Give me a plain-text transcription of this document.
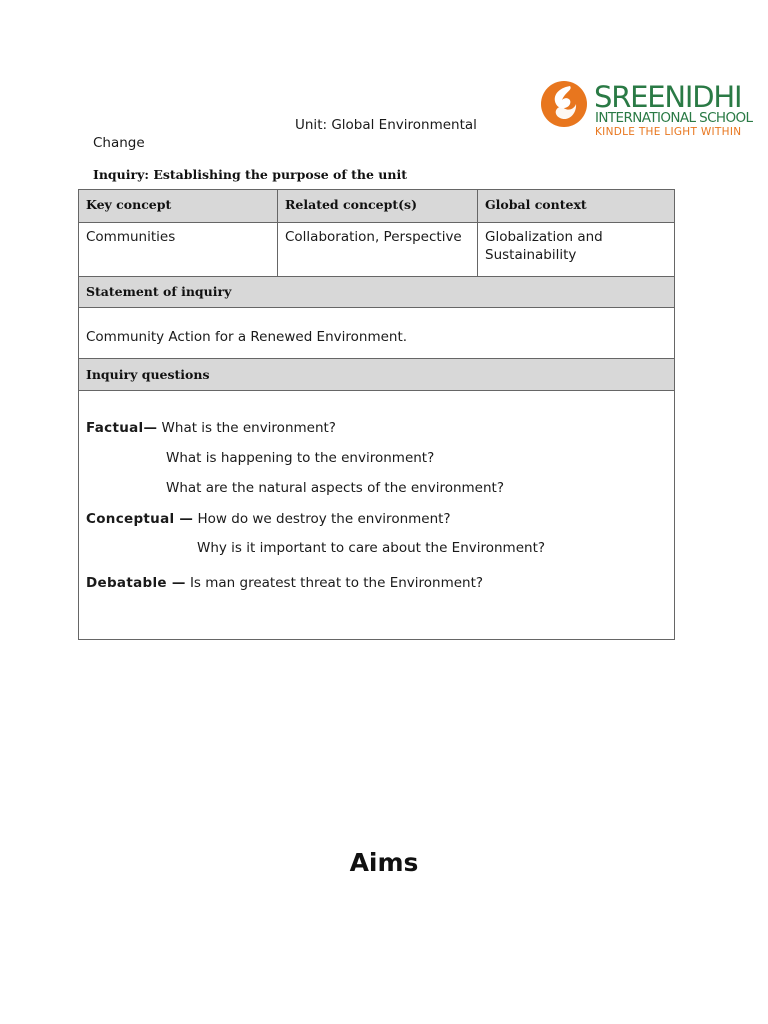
SREENIDHI
INTERNATIONAL SCHOOL
KINDLE THE LIGHT WITHIN
Unit: Global Environmental
Change
Inquiry: Establishing the purpose of the unit
Key concept	Related concept(s)	Global context
Communities	Collaboration, Perspective	Globalization and Sustainability
Statement of inquiry
Community Action for a Renewed Environment.
Inquiry questions
Factual— What is the environment?
What is happening to the environment?
What are the natural aspects of the environment?
Conceptual — How do we destroy the environment?
Why is it important to care about the Environment?
Debatable — Is man greatest threat to the Environment?
Aims
